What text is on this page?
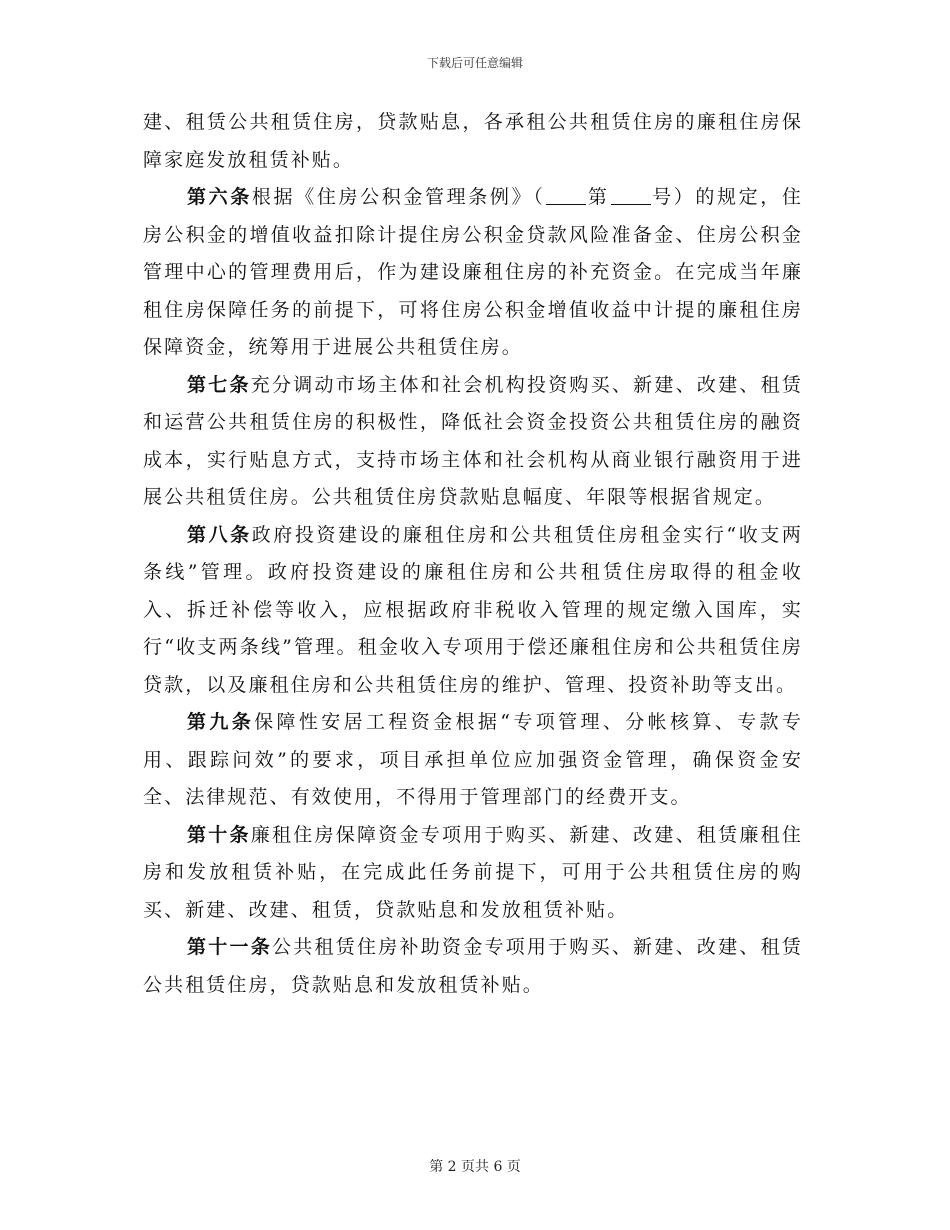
下载后可任意编辑

建、租赁公共租赁住房，贷款贴息，各承租公共租赁住房的廉租住房保障家庭发放租赁补贴。

第六条根据《住房公积金管理条例》（ 第 号）的规定，住房公积金的增值收益扣除计提住房公积金贷款风险准备金、住房公积金管理中心的管理费用后，作为建设廉租住房的补充资金。在完成当年廉租住房保障任务的前提下，可将住房公积金增值收益中计提的廉租住房保障资金，统筹用于进展公共租赁住房。

第七条充分调动市场主体和社会机构投资购买、新建、改建、租赁和运营公共租赁住房的积极性，降低社会资金投资公共租赁住房的融资成本，实行贴息方式，支持市场主体和社会机构从商业银行融资用于进展公共租赁住房。公共租赁住房贷款贴息幅度、年限等根据省规定。

第八条政府投资建设的廉租住房和公共租赁住房租金实行“收支两条线”管理。政府投资建设的廉租住房和公共租赁住房取得的租金收入、拆迁补偿等收入，应根据政府非税收入管理的规定缴入国库，实行“收支两条线”管理。租金收入专项用于偿还廉租住房和公共租赁住房贷款，以及廉租住房和公共租赁住房的维护、管理、投资补助等支出。

第九条保障性安居工程资金根据“专项管理、分帐核算、专款专用、跟踪问效”的要求，项目承担单位应加强资金管理，确保资金安全、法律规范、有效使用，不得用于管理部门的经费开支。

第十条廉租住房保障资金专项用于购买、新建、改建、租赁廉租住房和发放租赁补贴，在完成此任务前提下，可用于公共租赁住房的购买、新建、改建、租赁，贷款贴息和发放租赁补贴。

第十一条公共租赁住房补助资金专项用于购买、新建、改建、租赁公共租赁住房，贷款贴息和发放租赁补贴。

第 2 页共 6 页
